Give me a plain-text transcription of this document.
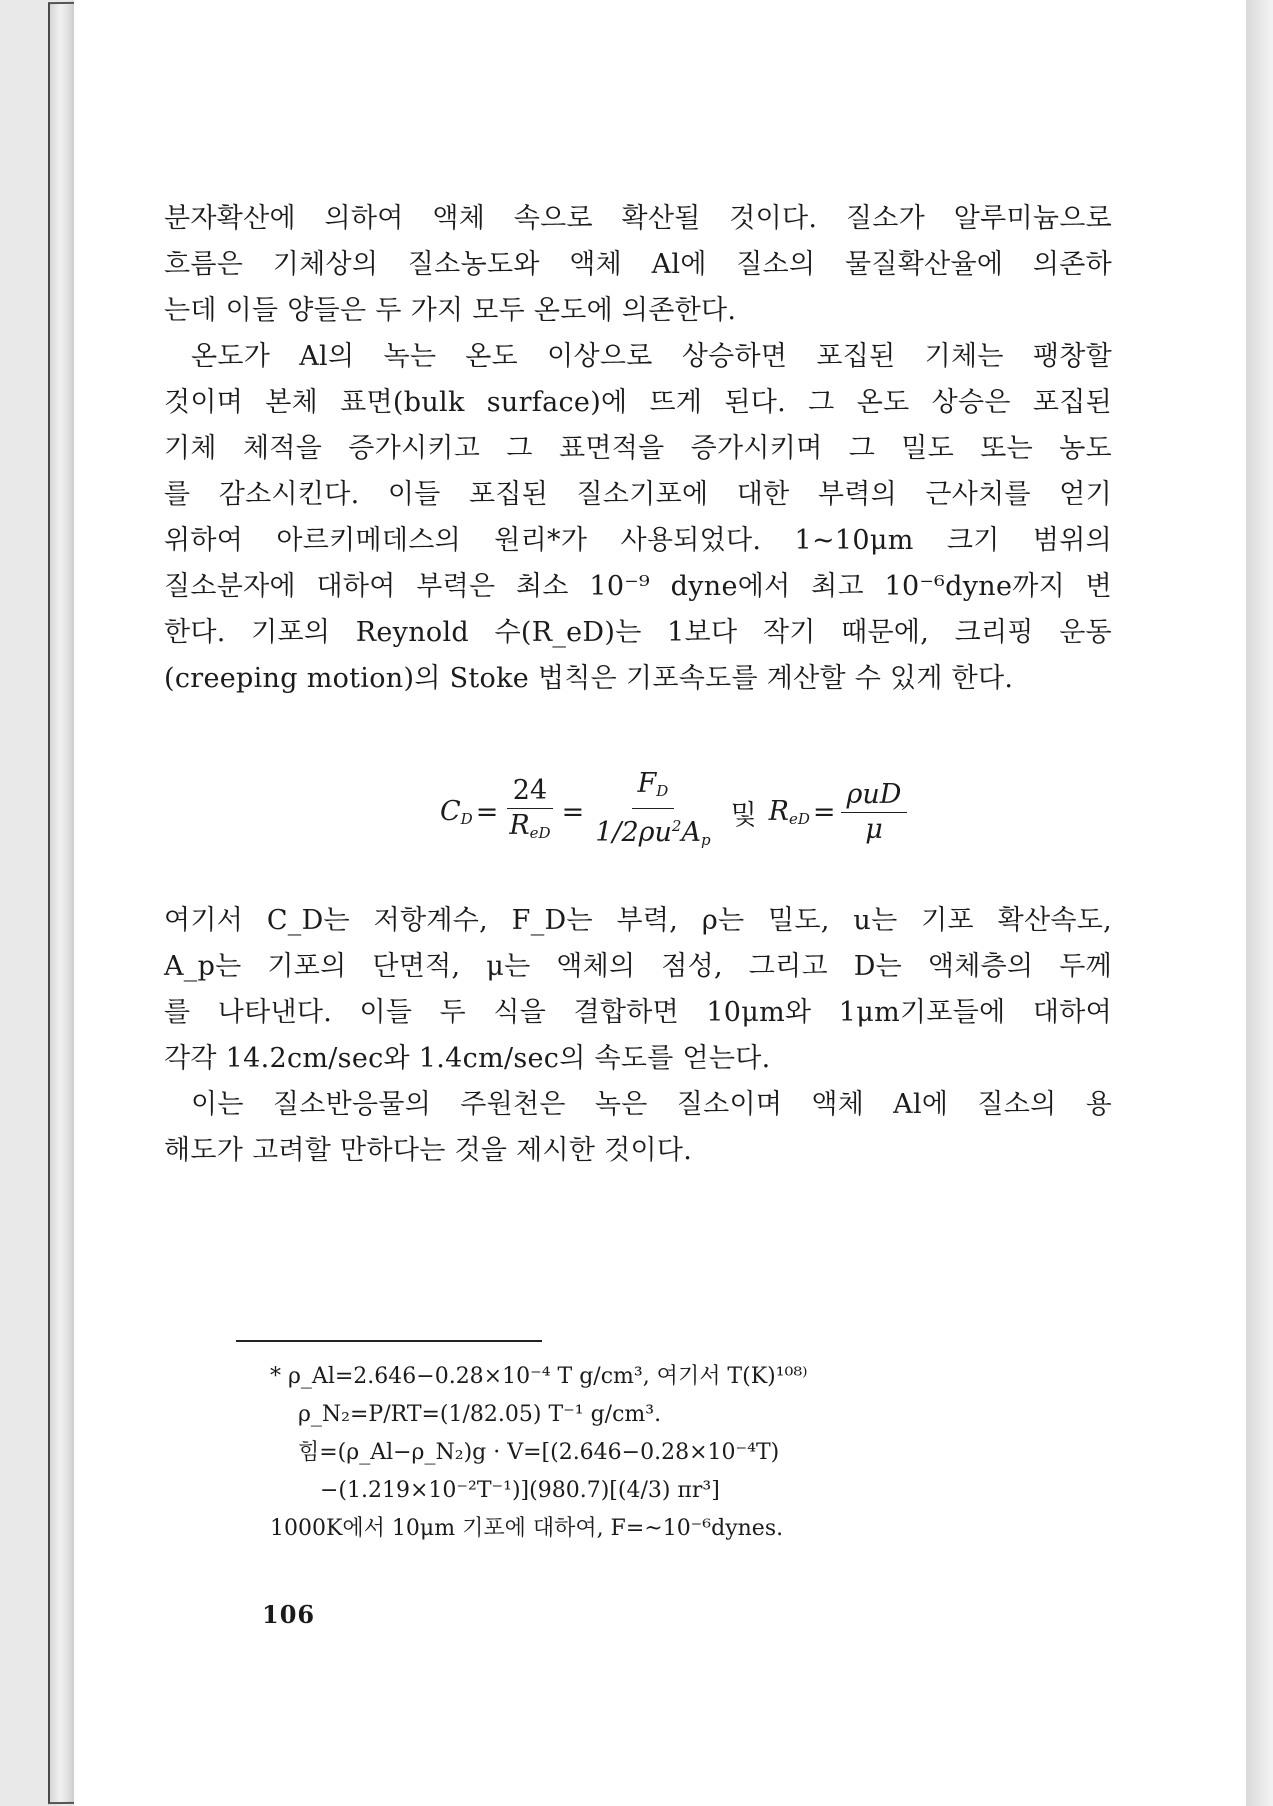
분자확산에 의하여 액체 속으로 확산될 것이다. 질소가 알루미늄으로
흐름은 기체상의 질소농도와 액체 Al에 질소의 물질확산율에 의존하
는데 이들 양들은 두 가지 모두 온도에 의존한다.
온도가 Al의 녹는 온도 이상으로 상승하면 포집된 기체는 팽창할
것이며 본체 표면(bulk surface)에 뜨게 된다. 그 온도 상승은 포집된
기체 체적을 증가시키고 그 표면적을 증가시키며 그 밀도 또는 농도
를 감소시킨다. 이들 포집된 질소기포에 대한 부력의 근사치를 얻기
위하여 아르키메데스의 원리*가 사용되었다. 1~10μm 크기 범위의
질소분자에 대하여 부력은 최소 10⁻⁹ dyne에서 최고 10⁻⁶dyne까지 변
한다. 기포의 Reynold 수(R_eD)는 1보다 작기 때문에, 크리핑 운동
(creeping motion)의 Stoke 법칙은 기포속도를 계산할 수 있게 한다.
$C_D = \frac{24}{R_{eD}} = \frac{F_D}{1/2\rho u^2A_p}$ 및 $R_{eD} = \frac{\text{ρuD}}{\mu}$
여기서 C_D는 저항계수, F_D는 부력, ρ는 밀도, u는 기포 확산속도,
A_p는 기포의 단면적, μ는 액체의 점성, 그리고 D는 액체층의 두께
를 나타낸다. 이들 두 식을 결합하면 10μm와 1μm기포들에 대하여
각각 14.2cm/sec와 1.4cm/sec의 속도를 얻는다.
이는 질소반응물의 주원천은 녹은 질소이며 액체 Al에 질소의 용
해도가 고려할 만하다는 것을 제시한 것이다.
* ρ_Al=2.646−0.28×10⁻⁴ T g/cm³, 여기서 T(K)¹⁰⁸⁾
ρ_N₂=P/RT=(1/82.05) T⁻¹ g/cm³.
힘=(ρ_Al−ρ_N₂)g · V=[(2.646−0.28×10⁻⁴T)
−(1.219×10⁻²T⁻¹)](980.7)[(4/3) πr³]
1000K에서 10μm 기포에 대하여, F=~10⁻⁶dynes.
106
